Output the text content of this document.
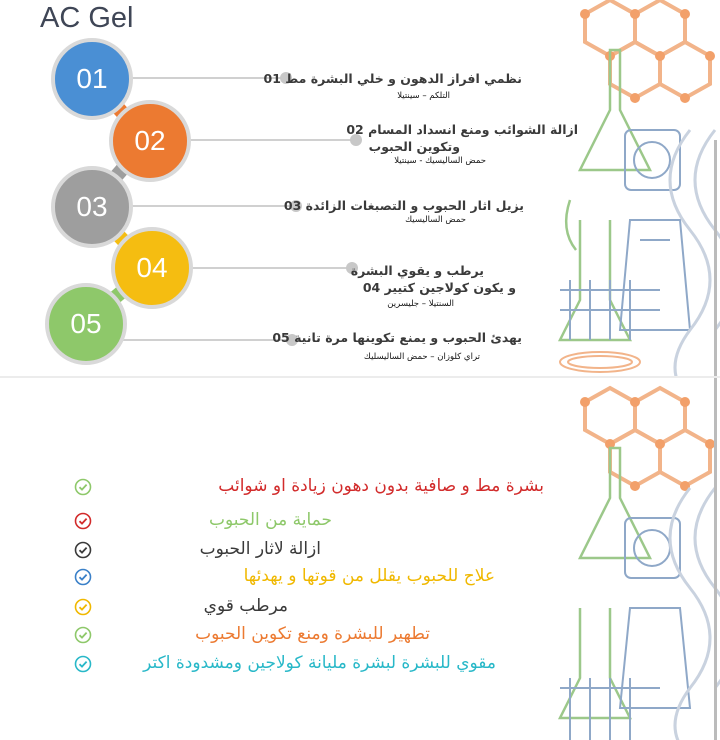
AC Gel
01
02
03
04
05
نظمي افراز الدهون و خلي البشرة مط 01
التلكم – سينتيلا
ازالة الشوائب ومنع انسداد المسام 02
وتكوين الحبوب
حمض الساليسيك - سينتيلا
يزيل اثار الحبوب و التصبغات الزائدة 03
حمض الساليسيك
يرطب و يقوي البشرة
و يكون كولاجين كتيير 04
السنتيلا – جليسرين
يهدئ الحبوب و يمنع تكوينها مرة تانية 05
تراي كلوزان – حمض الساليسليك
بشرة مط و صافية بدون دهون زيادة او شوائب
حماية من الحبوب
ازالة لاثار الحبوب
علاج للحبوب يقلل من قوتها و يهدئها
مرطب قوي
تطهير للبشرة ومنع تكوين الحبوب
مقوي للبشرة لبشرة مليانة كولاجين ومشدودة اكتر
